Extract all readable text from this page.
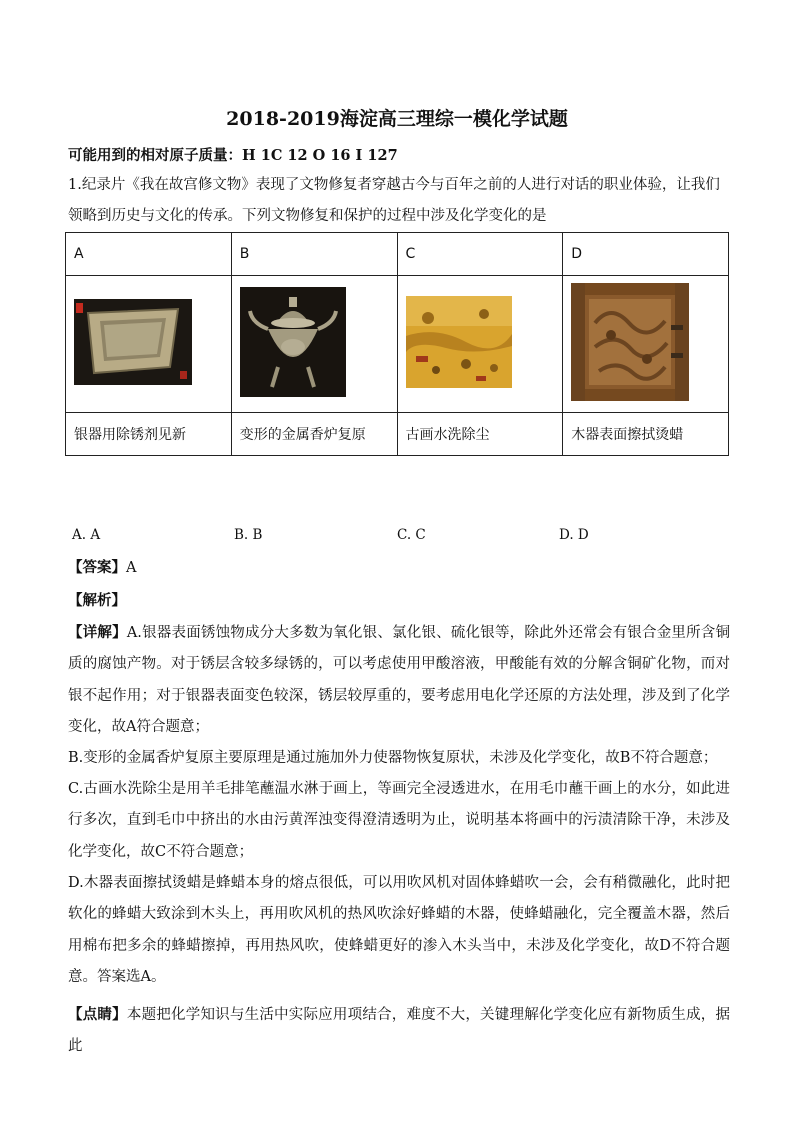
2018-2019海淀高三理综一模化学试题
可能用到的相对原子质量：H 1C 12 O 16 I 127
1.纪录片《我在故宫修文物》表现了文物修复者穿越古今与百年之前的人进行对话的职业体验，让我们领略到历史与文化的传承。下列文物修复和保护的过程中涉及化学变化的是
A	B	C	D

银器用除锈剂见新	变形的金属香炉复原	古画水洗除尘	木器表面擦拭烫蜡
A. A	B. B	C. C	D. D
【答案】A
【解析】
【详解】A.银器表面锈蚀物成分大多数为氧化银、氯化银、硫化银等，除此外还常会有银合金里所含铜质的腐蚀产物。对于锈层含较多绿锈的，可以考虑使用甲酸溶液，甲酸能有效的分解含铜矿化物，而对银不起作用；对于银器表面变色较深，锈层较厚重的，要考虑用电化学还原的方法处理，涉及到了化学变化，故A符合题意；
B.变形的金属香炉复原主要原理是通过施加外力使器物恢复原状，未涉及化学变化，故B不符合题意；
C.古画水洗除尘是用羊毛排笔蘸温水淋于画上，等画完全浸透进水，在用毛巾蘸干画上的水分，如此进行多次，直到毛巾中挤出的水由污黄浑浊变得澄清透明为止，说明基本将画中的污渍清除干净，未涉及化学变化，故C不符合题意；
D.木器表面擦拭烫蜡是蜂蜡本身的熔点很低，可以用吹风机对固体蜂蜡吹一会，会有稍微融化，此时把软化的蜂蜡大致涂到木头上，再用吹风机的热风吹涂好蜂蜡的木器，使蜂蜡融化，完全覆盖木器，然后用棉布把多余的蜂蜡擦掉，再用热风吹，使蜂蜡更好的渗入木头当中，未涉及化学变化，故D不符合题意。答案选A。
【点睛】本题把化学知识与生活中实际应用项结合，难度不大，关键理解化学变化应有新物质生成，据此
